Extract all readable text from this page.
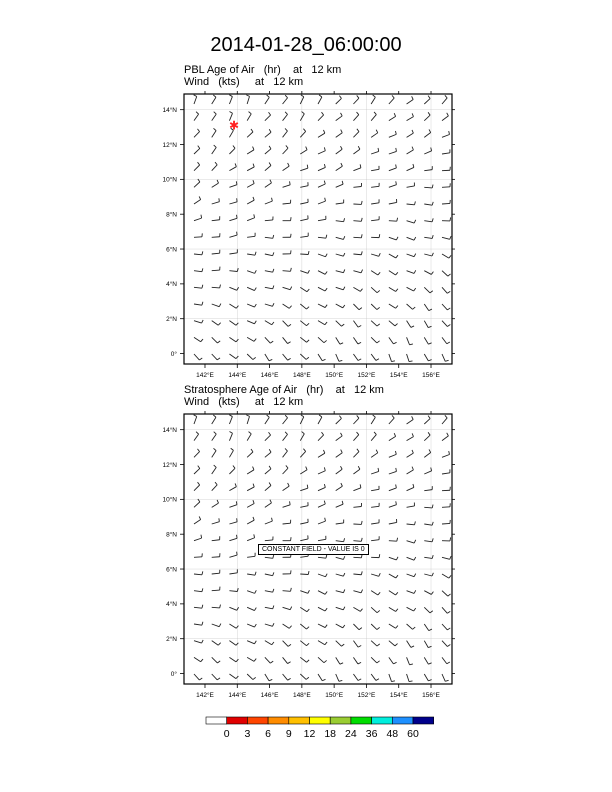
2014-01-28_06:00:00
PBL Age of Air   (hr)    at   12 km
Wind   (kts)     at   12 km
Stratosphere Age of Air   (hr)    at   12 km
Wind   (kts)     at   12 km
142°E 144°E 146°E 148°E 150°E 152°E 154°E 156°E
0°
2°N
4°N
6°N
8°N
10°N
12°N
14°N
✱
142°E 144°E 146°E 148°E 150°E 152°E 154°E 156°E
0°
2°N
4°N
6°N
8°N
10°N
12°N
14°N
0 3 6 9 12 18 24 36 48 60
CONSTANT FIELD - VALUE IS 0
